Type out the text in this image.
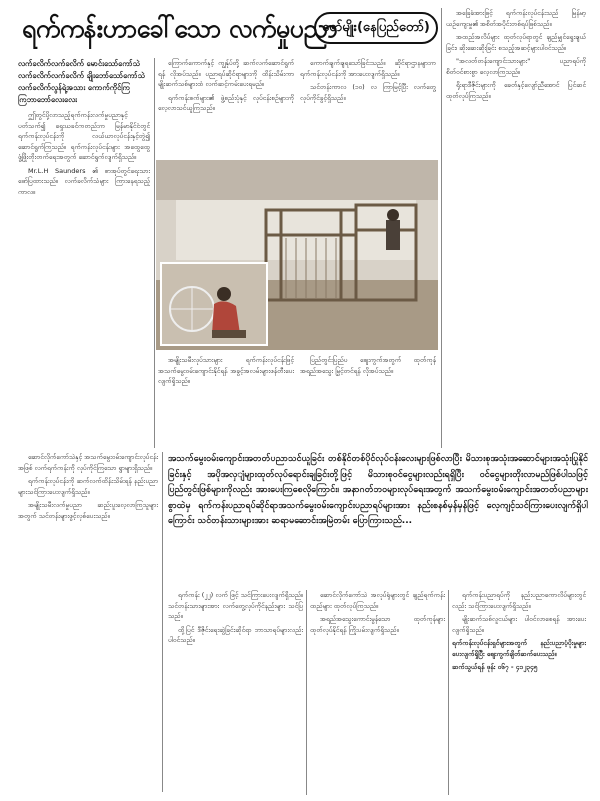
ရက်ကန်းဟာခေါ်သော လက်မှုပညာ
ဇော်မျိုး(နေပြည်တော်)
လက်ခလိက်လက်ခလိက် မောင်းသော်ကော်သဲ
လက်ခလိက်လက်ခလိက် ချိုးဘော်သော်ကော်သဲ
လက်ခလိက်လွန်ရဲ့အသား ကောက်ကိုင်ကြ
ကြဘာဘော်လေးလေး

ဤတွင်ပို့လာသည့်ရက်ကန်းလက်မှုပညာနှင့်ပတ်သက်၍ ရှေးယခင်ကတည်းက မြန်မာနိုင်ငံတွင် ရက်ကန်းလုပ်ငန်းကို လယ်ယာလုပ်ငန်းနှင့်တွဲ၍ ဆောင်ရွက်ကြသည်။ ရက်ကန်းလုပ်ငန်းများ အထွေထွေဖွံ့ဖြိုးတိုးတက်ရေးအတွက် ဆောင်ရွက်လျက်ရှိသည်။

Mr.L.H Saunders ၏ စာအုပ်တွင်ရေးသားဖော်ပြထားသည်။ လက်ခလိက်သံများ ကြားနေရသည့်ကာလ။

ကြောက်ကောက်နှင့် ကျွန်ုပ်တို့ ဆက်လက်ဆောင်ရွက်ရန် လိုအပ်သည်။ ပညာရပ်ဆိုင်ရာများကို ထိန်းသိမ်းကာ မျိုးဆက်သစ်များထံ လက်ဆင့်ကမ်းပေးရမည်။

ရက်ကန်းစက်များ၏ ဖွဲ့စည်းပုံနှင့် လုပ်ငန်းစဉ်များကို လေ့လာသင်ယူကြသည်။

ကောက်ချက်ချရသော်ခြင်းသည်။ ဆိုင်ရာဌာနများက ရက်ကန်းလုပ်ငန်းကို အားပေးလျက်ရှိသည်။

သင်တန်းကာလ (၁၀) လ ကြာမြင့်ပြီး လက်တွေ့လုပ်ကိုင်ခွင့်ရှိသည်။

အခြေခံအားဖြင့် ရက်ကန်းလုပ်ငန်းသည် မြန်မာ့ယဉ်ကျေးမှု၏ အစိတ်အပိုင်းတစ်ရပ်ဖြစ်သည်။

အထည်အလိပ်များ ထုတ်လုပ်ရာတွင် ချည်မျှင်ရွေးချယ်ခြင်း၊ ဆိုးဆေးဆိုးခြင်း စသည့်အဆင့်များပါဝင်သည်။

"အလတ်တန်းကျောင်းသားများ" ပညာရပ်ကို စိတ်ဝင်စားစွာ လေ့လာကြသည်။

ရိုးရာဒီဇိုင်းများကို ခေတ်နှင့်လျော်ညီအောင် ပြင်ဆင်ထုတ်လုပ်ကြသည်။

အမျိုးသမီးလုပ်သားများ ရက်ကန်းလုပ်ငန်းဖြင့် အသက်မွေးဝမ်းကျောင်းနိုင်ရန် အခွင့်အလမ်းများဖန်တီးပေးလျက်ရှိသည်။

ပြည်တွင်းပြည်ပ ဈေးကွက်အတွက် ထုတ်ကုန်အရည်အသွေး မြှင့်တင်ရန် လိုအပ်သည်။

ဆောင်လိုက်ကော်သဲနှင့် အသက်မွေးဝမ်းကျောင်းလုပ်ငန်းအဖြစ် လက်ရက်ကန်းကို လုပ်ကိုင်ကြသော ရွာများရှိသည်။

ရက်ကန်းလုပ်ငန်းကို ဆက်လက်ထိန်းသိမ်းရန် နည်းပညာများသင်ကြားပေးလျက်ရှိသည်။

အမျိုးသမီးလက်မှုပညာ ဆည်းပူးလေ့လာကြသူများအတွက် သင်တန်းများဖွင့်လှစ်ပေးသည်။

အသက်မွေးဝမ်းကျောင်းအတတ်ပညာသင်ယူခြင်း တစ်နိုင်တစ်ပိုင်လုပ်ငန်းလေးများဖြစ်လာပြီး မိသားစုအသုံးအဆောင်များအသုံးပြုနိုင်ခြင်းနှင့် အပိုအလှျံများထုတ်လုပ်ရောင်းချခြင်းတို့ဖြင့် မိသားစုဝင်ငွေများလည်းရရှိပြီး ဝင်ငွေများတိုးလာမည်ဖြစ်ပါသဖြင့် ပြည်တွင်းဖြစ်များကိုလည်း အားပေးကြစေလိုကြောင်း၊ အနာဂတ်ဘဝများလုပ်ရေးအတွက် အသက်မွေးဝမ်းကျောင်းအတတ်ပညာများစွာထဲမှ ရက်ကန်းပညာရပ်ဆိုင်ရာအသက်မွေးဝမ်းကျောင်းပညာရပ်များအား နည်းစနစ်မှန်မှန်ဖြင့် လေ့ကျင့်သင်ကြားပေးလျက်ရှိပါကြောင်း သင်တန်းသားများအား ဆရာမဆောင်းအမြဲတမ်း ပြောကြားသည်...

ရက်ကန်း (၂၂) လက် ဖြင့် သင်ကြားပေးလျက်ရှိသည်။ သင်တန်းသားများအား လက်တွေ့လုပ်ကိုင်နည်းများ သင်ပြသည်။

ထို့ပြင် ဒီဇိုင်းရေးဆွဲခြင်းဆိုင်ရာ ဘာသာရပ်များလည်း ပါဝင်သည်။

ဆောင်လိုက်ကော်သဲ အလုပ်ရုံများတွင် ချည်ရက်ကန်းထည်များ ထုတ်လုပ်ကြသည်။

အရည်အသွေးကောင်းမွန်သော ထုတ်ကုန်များ ထုတ်လုပ်နိုင်ရန် ကြိုးပမ်းလျက်ရှိသည်။

ရက်ကန်းပညာရပ်ကို နည်းပညာကောလိပ်များတွင်လည်း သင်ကြားပေးလျက်ရှိသည်။

မျိုးဆက်သစ်လူငယ်များ ပါဝင်လာစေရန် အားပေးလျက်ရှိသည်။

ရက်ကန်းလုပ်ငန်းရှင်များအတွက် နည်းပညာပံ့ပိုးမှုများ ပေးလျက်ရှိပြီး ဈေးကွက်ချိတ်ဆက်ပေးသည်။

ဆက်သွယ်ရန် ဖုန်း ၀၆၇ - ၄၁၂၃၄၅
